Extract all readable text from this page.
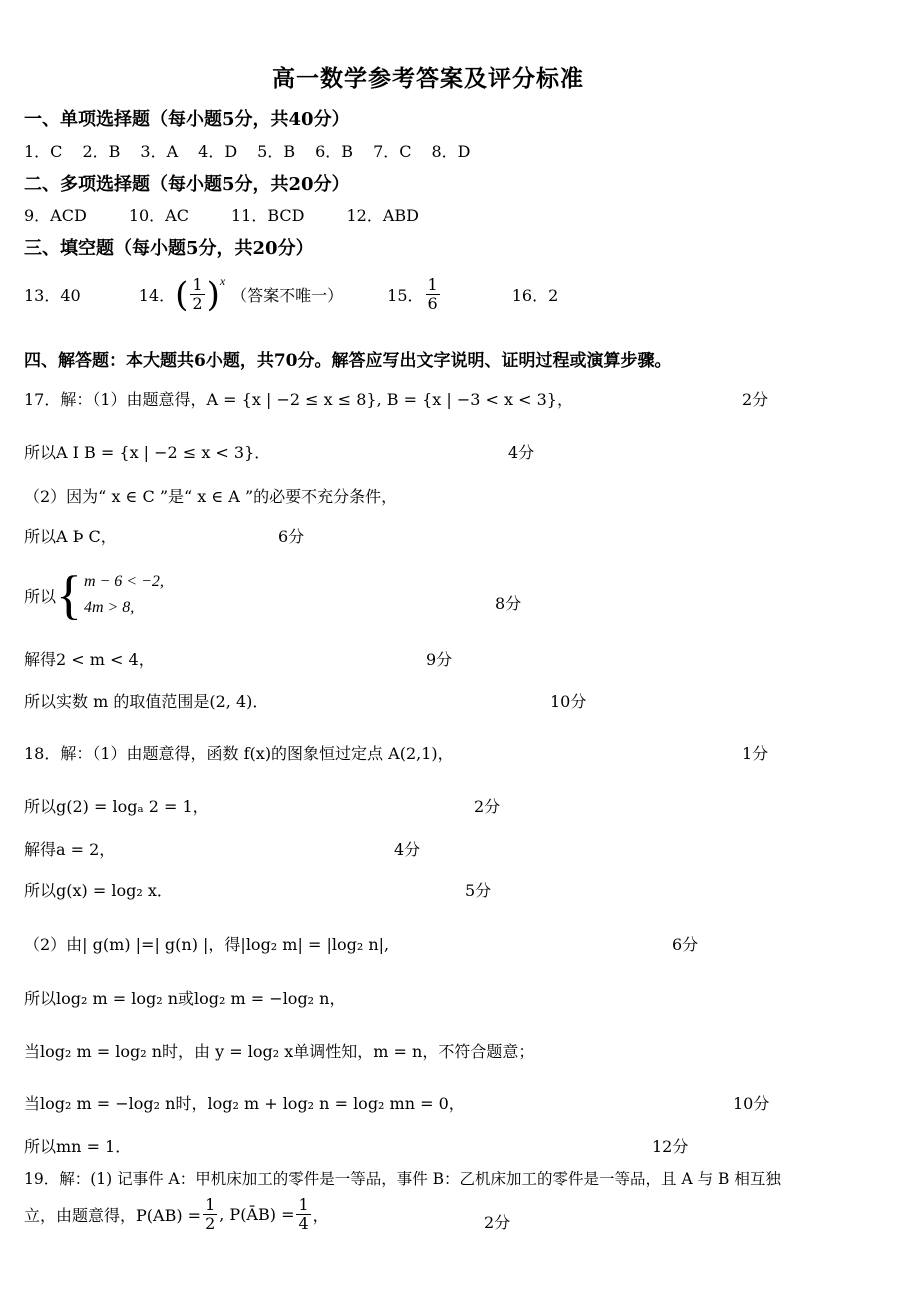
高一数学参考答案及评分标准
一、单项选择题（每小题5分，共40分）
1．C 2．B 3．A 4．D 5．B 6．B 7．C 8．D
二、多项选择题（每小题5分，共20分）
9．ACD	10．AC	11．BCD	12．ABD
三、填空题（每小题5分，共20分）
13．40	14． ( $\frac{1}{2}$ ) x
（答案不唯一）	15． $\frac{1}{6}$	16．2
四、解答题：本大题共6小题，共70分。解答应写出文字说明、证明过程或演算步骤。
17．解：（1）由题意得，A = {x | −2 ≤ x ≤ 8}, B = {x | −3 < x < 3}，	2分
所以A I B = {x | −2 ≤ x < 3}．	4分
（2）因为“ x ∈ C ”是“ x ∈ A ”的必要不充分条件，
所以A Þ C，	6分
所以 { m − 6 < −2,
4m > 8,	8分
解得2 < m < 4，	9分
所以实数 m 的取值范围是(2, 4)．	10分
18．解：（1）由题意得，函数 f(x)的图象恒过定点 A(2,1)，	1分
所以g(2) = logₐ 2 = 1，	2分
解得a = 2，	4分
所以g(x) = log₂ x．	5分
（2）由| g(m) |=| g(n) |，得|log₂ m| = |log₂ n|,	6分
所以log₂ m = log₂ n或log₂ m = −log₂ n，
当log₂ m = log₂ n时，由 y = log₂ x单调性知，m = n，不符合题意；
当log₂ m = −log₂ n时，log₂ m + log₂ n = log₂ mn = 0，	10分
所以mn = 1．	12分
19．解：(1) 记事件 A：甲机床加工的零件是一等品，事件 B：乙机床加工的零件是一等品，且 A 与 B 相互独
立，由题意得，$P(AB) = \frac{1}{2}$ , P(ĀB) = $\frac{1}{4}$ ，	2分
